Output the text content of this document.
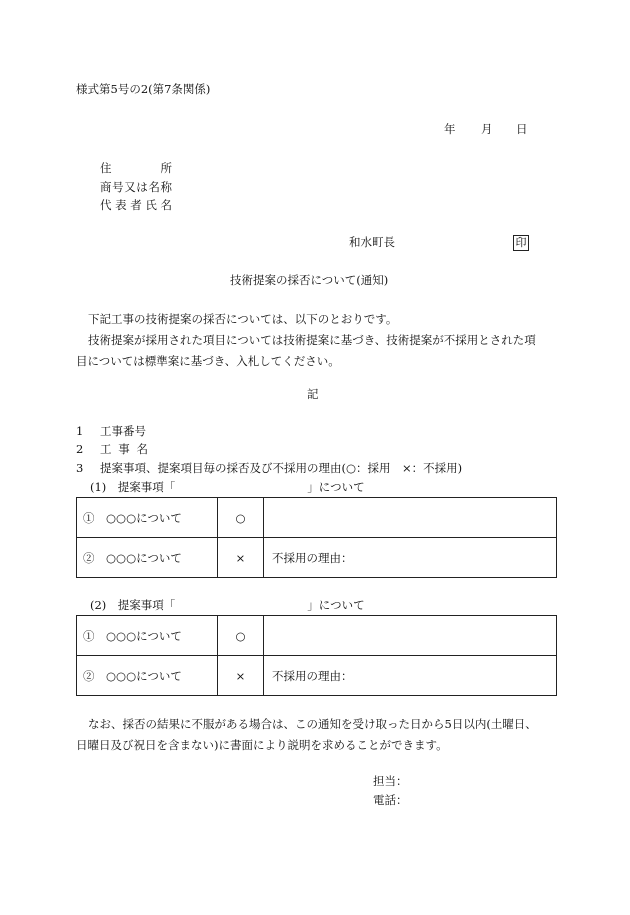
様式第5号の2(第7条関係)
年 月 日
住所
商号又は名称
代表者氏名
和水町長	印
技術提案の採否について(通知)

下記工事の技術提案の採否については、以下のとおりです。

技術提案が採用された項目については技術提案に基づき、技術提案が不採用とされた項

目については標準案に基づき、入札してください。

記
1 工事番号
2 工事名
3 提案事項、提案項目毎の採否及び不採用の理由(○：採用　×：不採用)
(1)　提案事項「	」について
①　○○○について	○	
②　○○○について	×	不採用の理由：
(2)　提案事項「	」について
①　○○○について	○	
②　○○○について	×	不採用の理由：

なお、採否の結果に不服がある場合は、この通知を受け取った日から5日以内(土曜日、

日曜日及び祝日を含まない)に書面により説明を求めることができます。

担当：
電話：
